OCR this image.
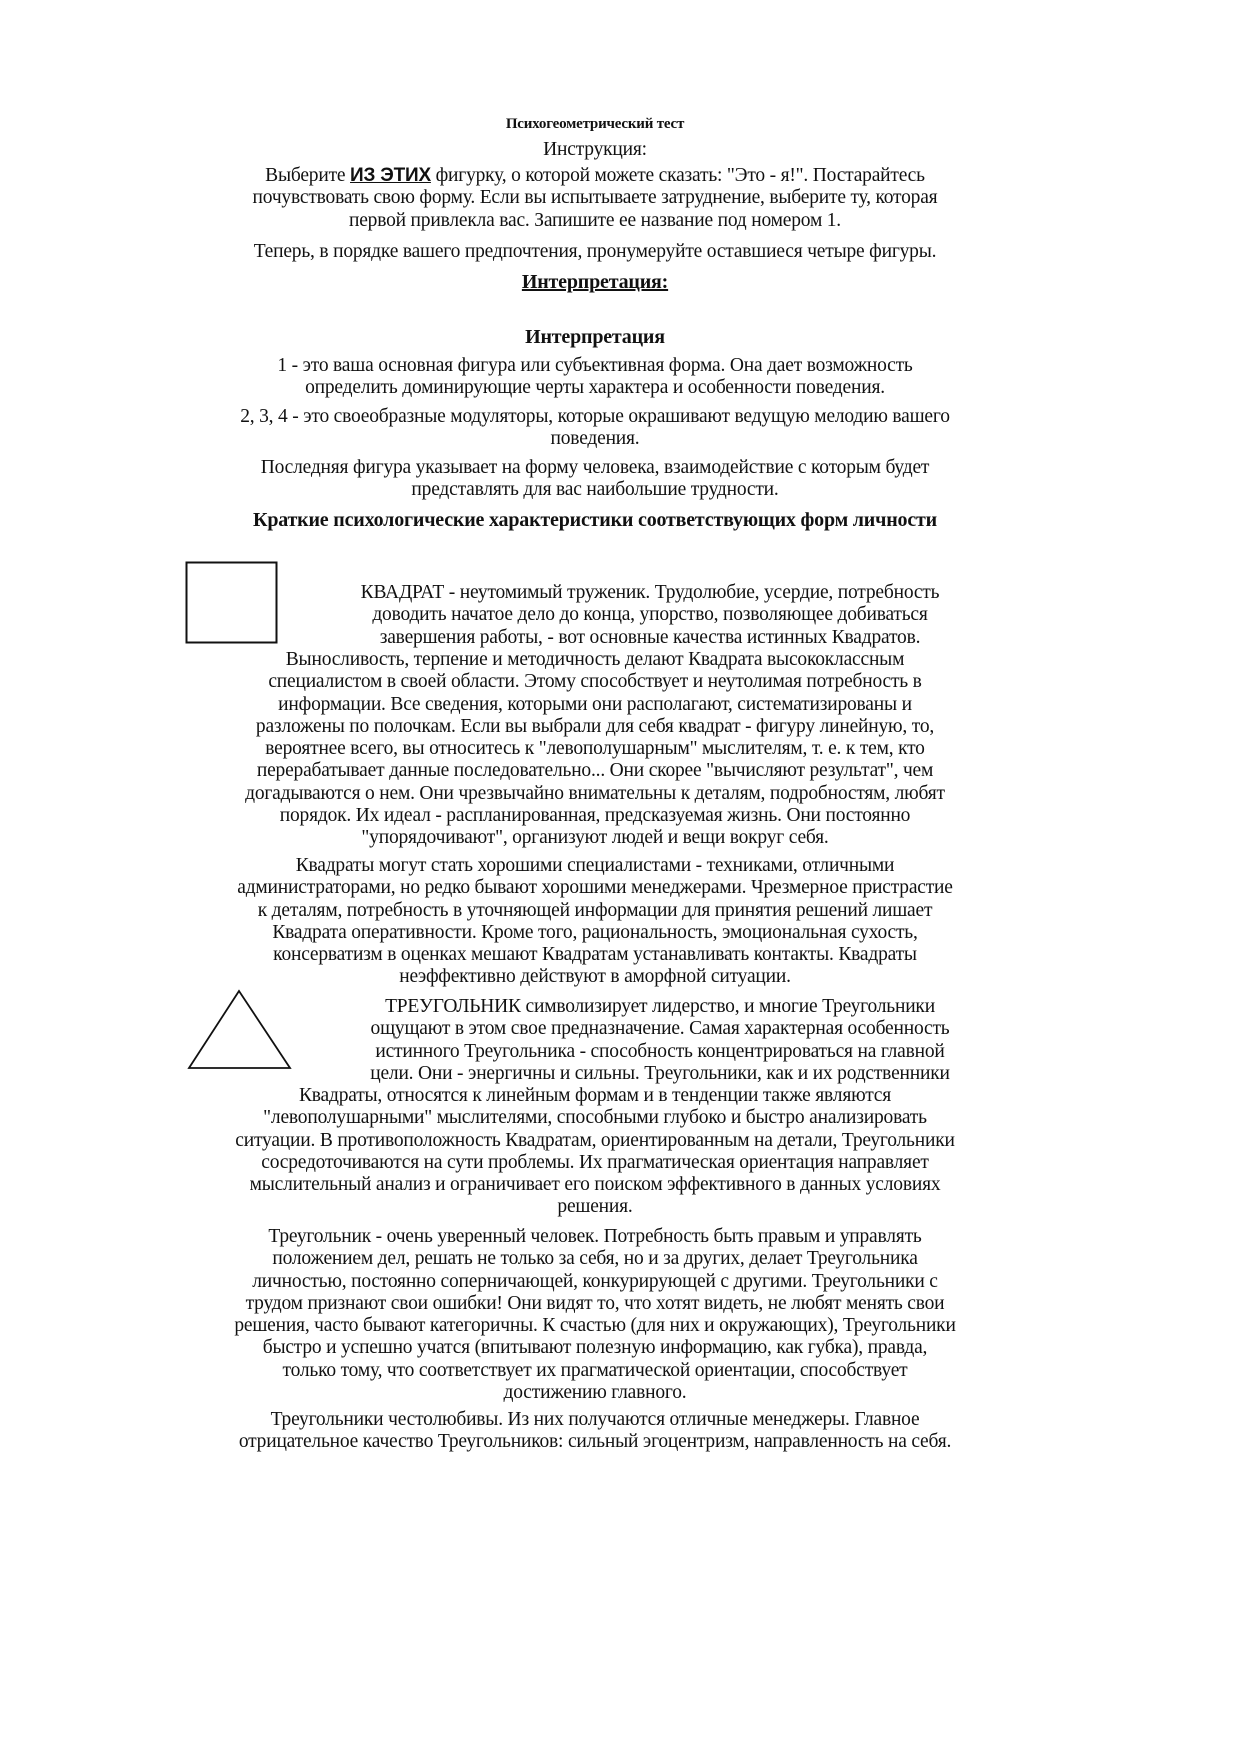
Психогеометрический тест
Инструкция:
Выберите ИЗ ЭТИХ фигурку, о которой можете сказать: "Это - я!". Постарайтесь
почувствовать свою форму. Если вы испытываете затруднение, выберите ту, которая
первой привлекла вас. Запишите ее название под номером 1.
Теперь, в порядке вашего предпочтения, пронумеруйте оставшиеся четыре фигуры.
Интерпретация:
Интерпретация
1 - это ваша основная фигура или субъективная форма. Она дает возможность
определить доминирующие черты характера и особенности поведения.
2, 3, 4 - это своеобразные модуляторы, которые окрашивают ведущую мелодию вашего
поведения.
Последняя фигура указывает на форму человека, взаимодействие с которым будет
представлять для вас наибольшие трудности.
Краткие психологические характеристики соответствующих форм личности
КВАДРАТ - неутомимый труженик. Трудолюбие, усердие, потребность
доводить начатое дело до конца, упорство, позволяющее добиваться
завершения работы, - вот основные качества истинных Квадратов.
Выносливость, терпение и методичность делают Квадрата высококлассным
специалистом в своей области. Этому способствует и неутолимая потребность в
информации. Все сведения, которыми они располагают, систематизированы и
разложены по полочкам. Если вы выбрали для себя квадрат - фигуру линейную, то,
вероятнее всего, вы относитесь к "левополушарным" мыслителям, т. е. к тем, кто
перерабатывает данные последовательно... Они скорее "вычисляют результат", чем
догадываются о нем. Они чрезвычайно внимательны к деталям, подробностям, любят
порядок. Их идеал - распланированная, предсказуемая жизнь. Они постоянно
"упорядочивают", организуют людей и вещи вокруг себя.
Квадраты могут стать хорошими специалистами - техниками, отличными
администраторами, но редко бывают хорошими менеджерами. Чрезмерное пристрастие
к деталям, потребность в уточняющей информации для принятия решений лишает
Квадрата оперативности. Кроме того, рациональность, эмоциональная сухость,
консерватизм в оценках мешают Квадратам устанавливать контакты. Квадраты
неэффективно действуют в аморфной ситуации.
ТРЕУГОЛЬНИК символизирует лидерство, и многие Треугольники
ощущают в этом свое предназначение. Самая характерная особенность
истинного Треугольника - способность концентрироваться на главной
цели. Они - энергичны и сильны. Треугольники, как и их родственники
Квадраты, относятся к линейным формам и в тенденции также являются
"левополушарными" мыслителями, способными глубоко и быстро анализировать
ситуации. В противоположность Квадратам, ориентированным на детали, Треугольники
сосредоточиваются на сути проблемы. Их прагматическая ориентация направляет
мыслительный анализ и ограничивает его поиском эффективного в данных условиях
решения.
Треугольник - очень уверенный человек. Потребность быть правым и управлять
положением дел, решать не только за себя, но и за других, делает Треугольника
личностью, постоянно соперничающей, конкурирующей с другими. Треугольники с
трудом признают свои ошибки! Они видят то, что хотят видеть, не любят менять свои
решения, часто бывают категоричны. К счастью (для них и окружающих), Треугольники
быстро и успешно учатся (впитывают полезную информацию, как губка), правда,
только тому, что соответствует их прагматической ориентации, способствует
достижению главного.
Треугольники честолюбивы. Из них получаются отличные менеджеры. Главное
отрицательное качество Треугольников: сильный эгоцентризм, направленность на себя.
